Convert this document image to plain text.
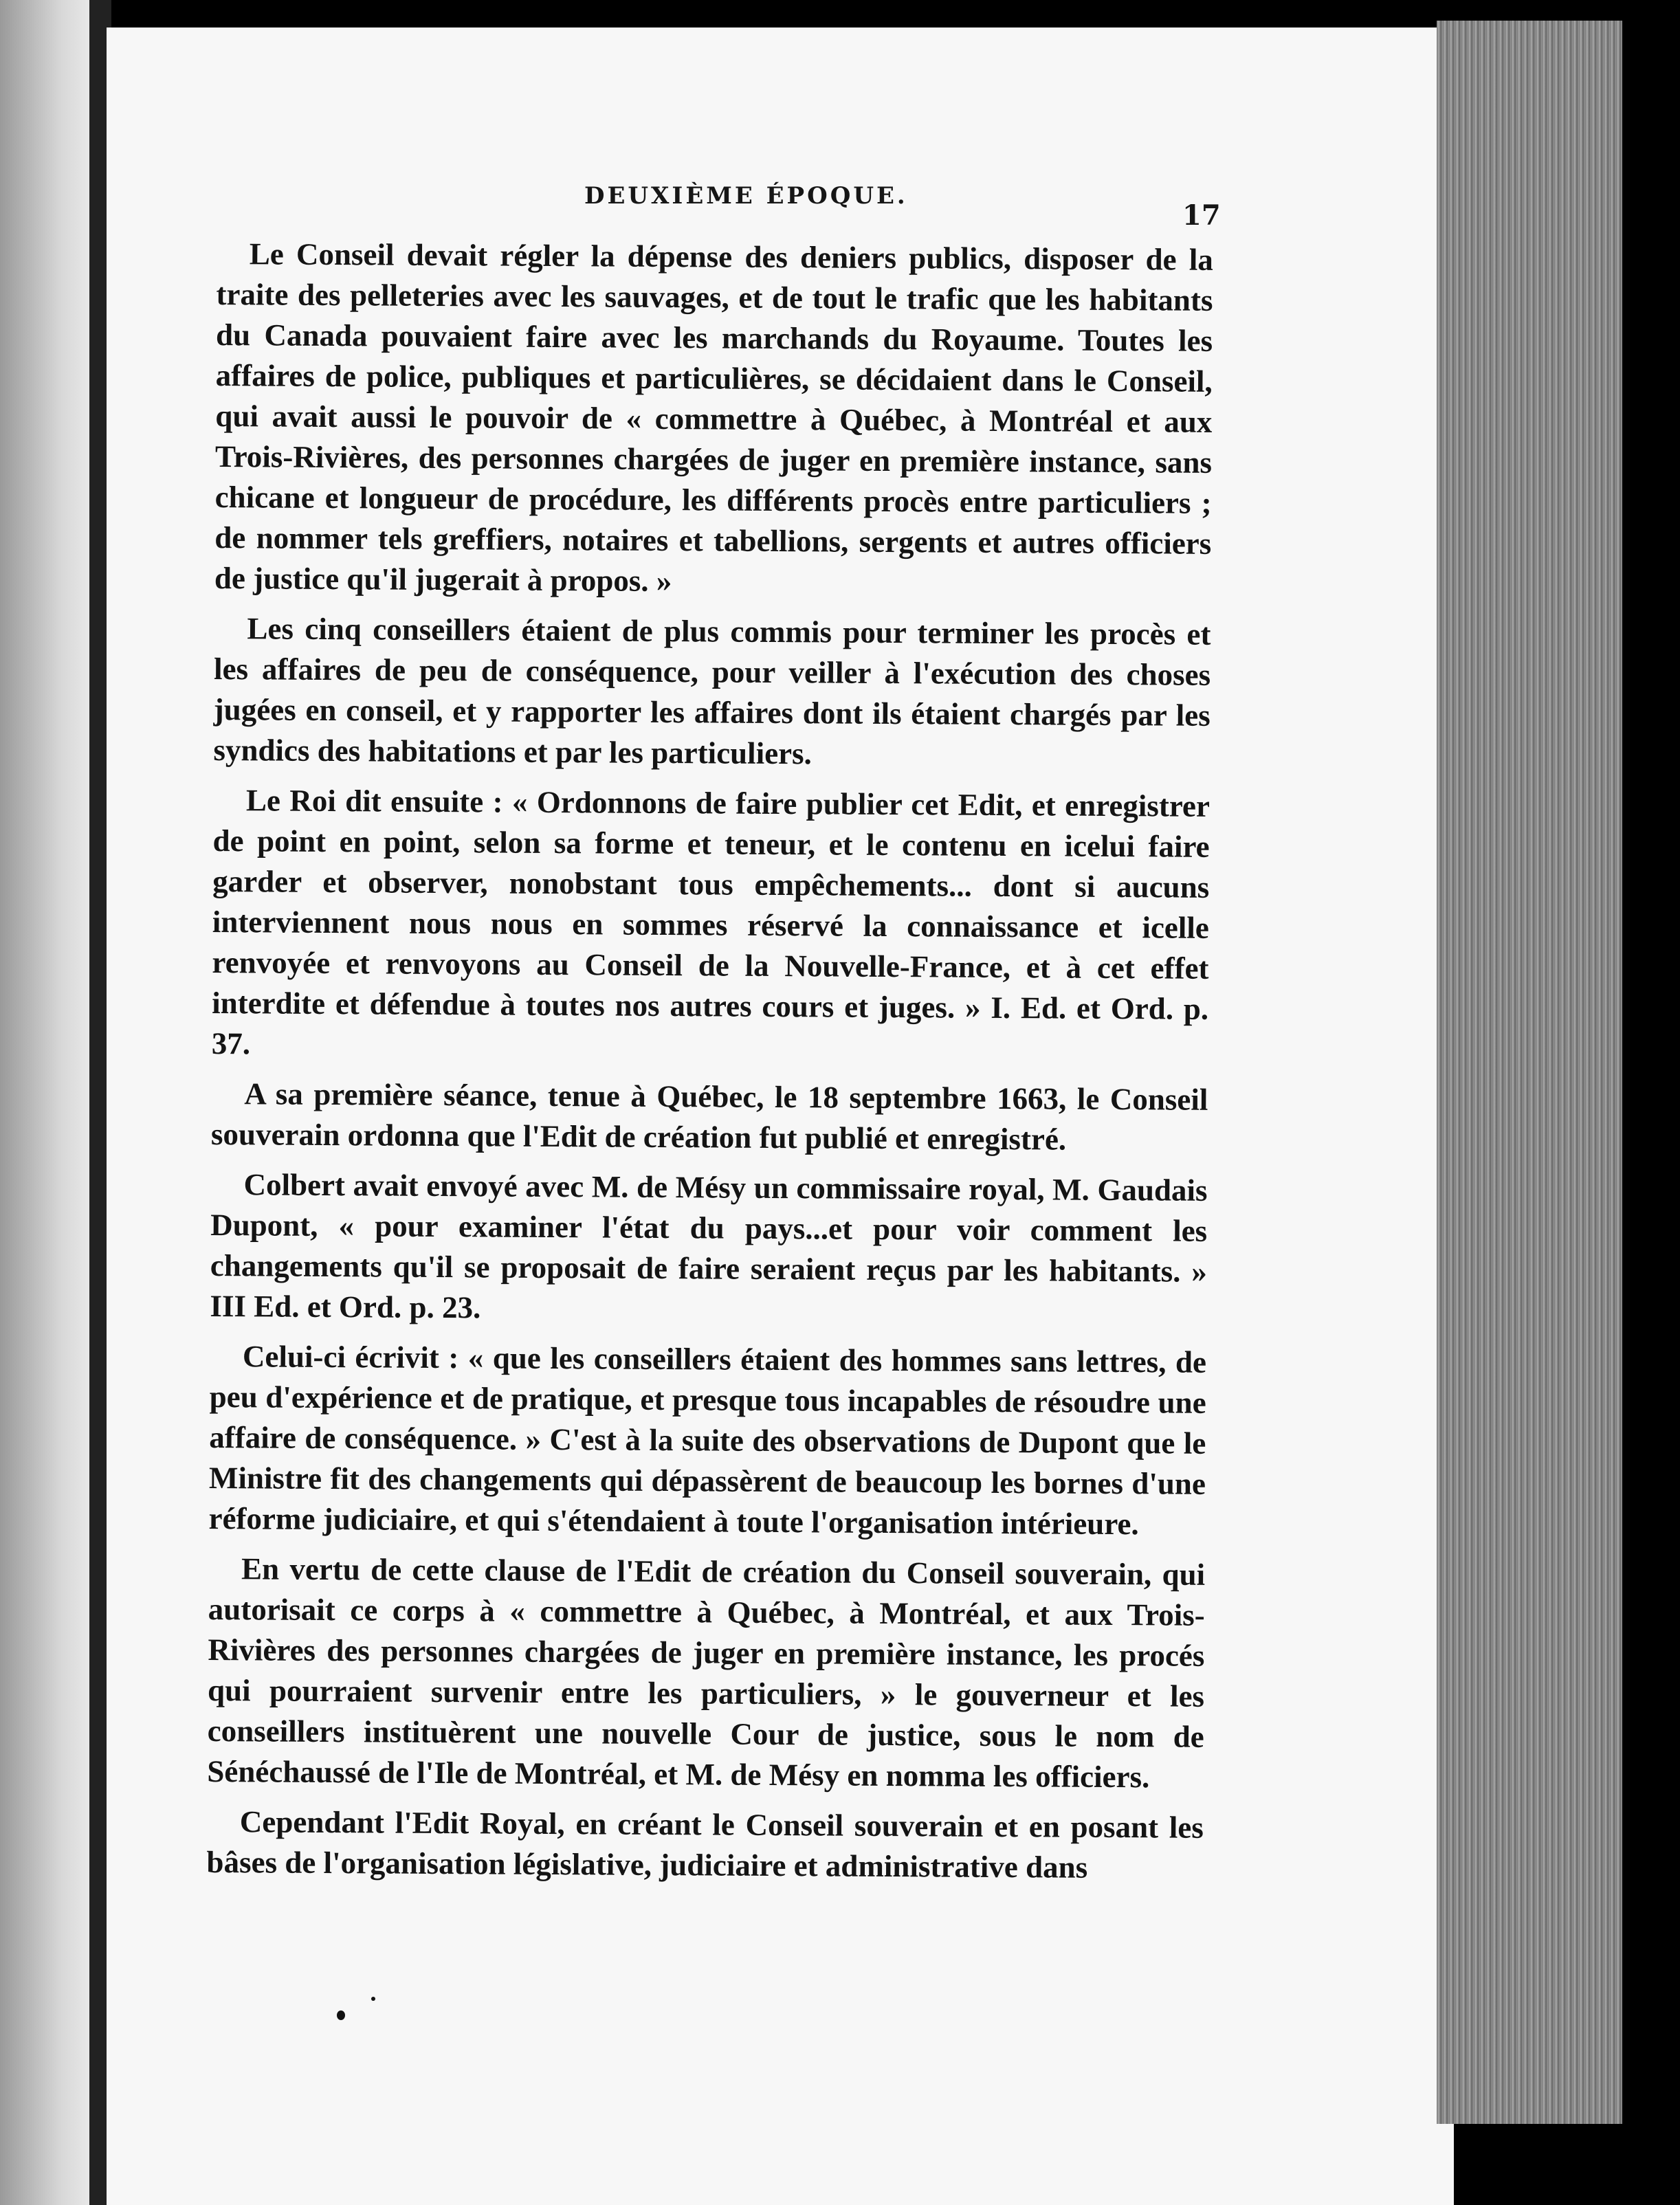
DEUXIÈME ÉPOQUE.
17

Le Conseil devait régler la dépense des deniers publics, disposer de la traite des pelleteries avec les sauvages, et de tout le trafic que les habitants du Canada pouvaient faire avec les marchands du Royaume. Toutes les affaires de police, publiques et particulières, se décidaient dans le Conseil, qui avait aussi le pouvoir de « commettre à Québec, à Montréal et aux Trois-Rivières, des personnes chargées de juger en première instance, sans chicane et longueur de procédure, les différents procès entre particuliers ; de nommer tels greffiers, notaires et tabellions, sergents et autres officiers de justice qu'il jugerait à propos. »

Les cinq conseillers étaient de plus commis pour terminer les procès et les affaires de peu de conséquence, pour veiller à l'exécution des choses jugées en conseil, et y rapporter les affaires dont ils étaient chargés par les syndics des habitations et par les particuliers.

Le Roi dit ensuite : « Ordonnons de faire publier cet Edit, et enregistrer de point en point, selon sa forme et teneur, et le contenu en icelui faire garder et observer, nonobstant tous empêchements... dont si aucuns interviennent nous nous en sommes réservé la connaissance et icelle renvoyée et renvoyons au Conseil de la Nouvelle-France, et à cet effet interdite et défendue à toutes nos autres cours et juges. » I. Ed. et Ord. p. 37.

A sa première séance, tenue à Québec, le 18 septembre 1663, le Conseil souverain ordonna que l'Edit de création fut publié et enregistré.

Colbert avait envoyé avec M. de Mésy un commissaire royal, M. Gaudais Dupont, « pour examiner l'état du pays...et pour voir comment les changements qu'il se proposait de faire seraient reçus par les habitants. » III Ed. et Ord. p. 23.

Celui-ci écrivit : « que les conseillers étaient des hommes sans lettres, de peu d'expérience et de pratique, et presque tous incapables de résoudre une affaire de conséquence. » C'est à la suite des observations de Dupont que le Ministre fit des changements qui dépassèrent de beaucoup les bornes d'une réforme judiciaire, et qui s'étendaient à toute l'organisation intérieure.

En vertu de cette clause de l'Edit de création du Conseil souverain, qui autorisait ce corps à « commettre à Québec, à Montréal, et aux Trois-Rivières des personnes chargées de juger en première instance, les procés qui pourraient survenir entre les particuliers, » le gouverneur et les conseillers instituèrent une nouvelle Cour de justice, sous le nom de Sénéchaussé de l'Ile de Montréal, et M. de Mésy en nomma les officiers.

Cependant l'Edit Royal, en créant le Conseil souverain et en posant les bâses de l'organisation législative, judiciaire et administrative dans
